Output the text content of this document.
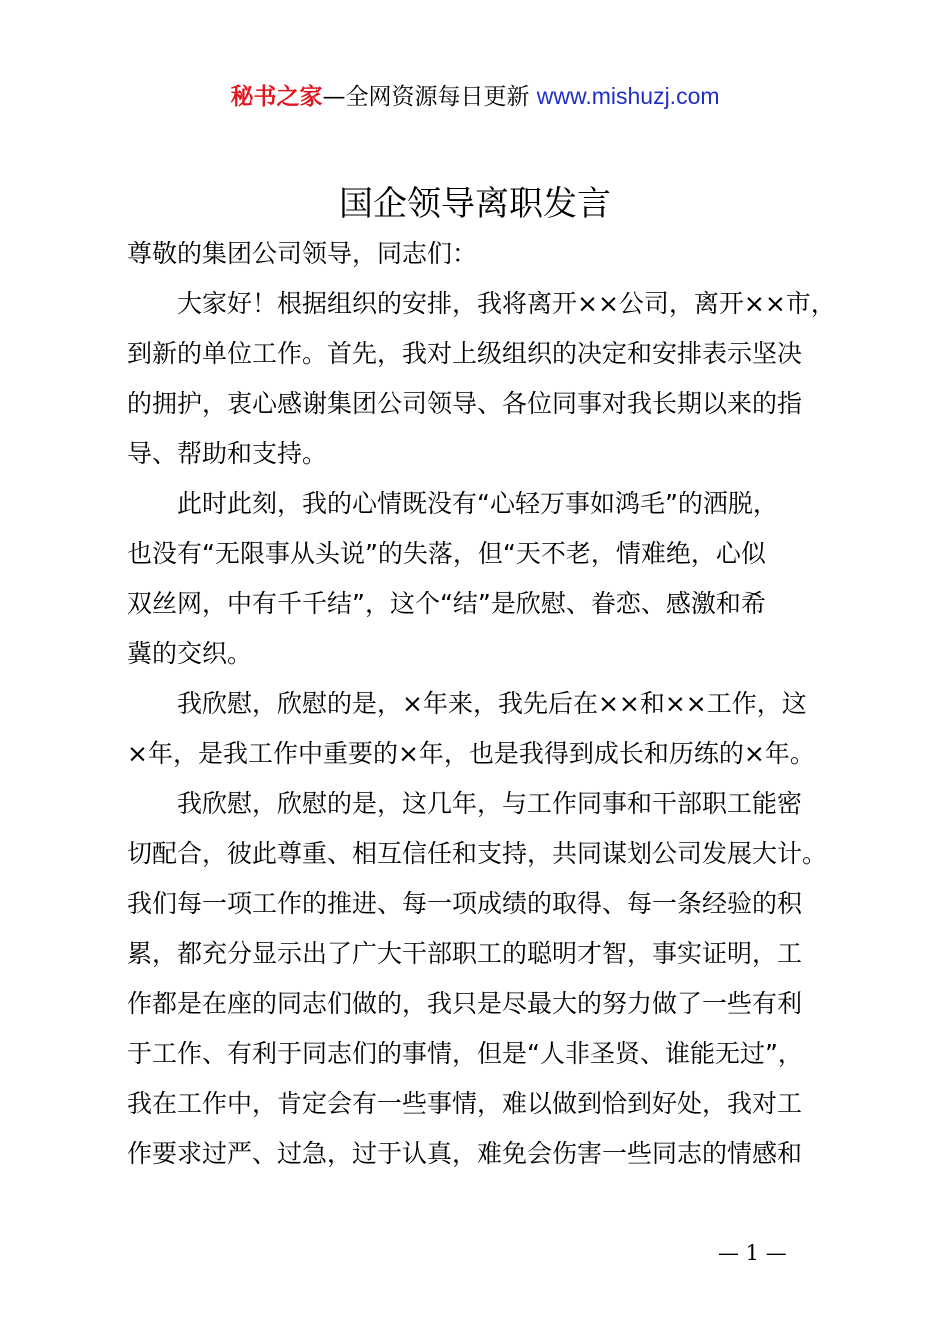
秘书之家—全网资源每日更新 www.mishuzj.com
国企领导离职发言

尊敬的集团公司领导，同志们：

　　大家好！根据组织的安排，我将离开××公司，离开××市，

到新的单位工作。首先，我对上级组织的决定和安排表示坚决

的拥护，衷心感谢集团公司领导、各位同事对我长期以来的指

导、帮助和支持。

　　此时此刻，我的心情既没有“心轻万事如鸿毛”的洒脱，

也没有“无限事从头说”的失落，但“天不老，情难绝，心似

双丝网，中有千千结”，这个“结”是欣慰、眷恋、感激和希

冀的交织。

　　我欣慰，欣慰的是，×年来，我先后在××和××工作，这

×年，是我工作中重要的×年，也是我得到成长和历练的×年。

　　我欣慰，欣慰的是，这几年，与工作同事和干部职工能密

切配合，彼此尊重、相互信任和支持，共同谋划公司发展大计。

我们每一项工作的推进、每一项成绩的取得、每一条经验的积

累，都充分显示出了广大干部职工的聪明才智，事实证明，工

作都是在座的同志们做的，我只是尽最大的努力做了一些有利

于工作、有利于同志们的事情，但是“人非圣贤、谁能无过”，

我在工作中，肯定会有一些事情，难以做到恰到好处，我对工

作要求过严、过急，过于认真，难免会伤害一些同志的情感和

— 1 —
